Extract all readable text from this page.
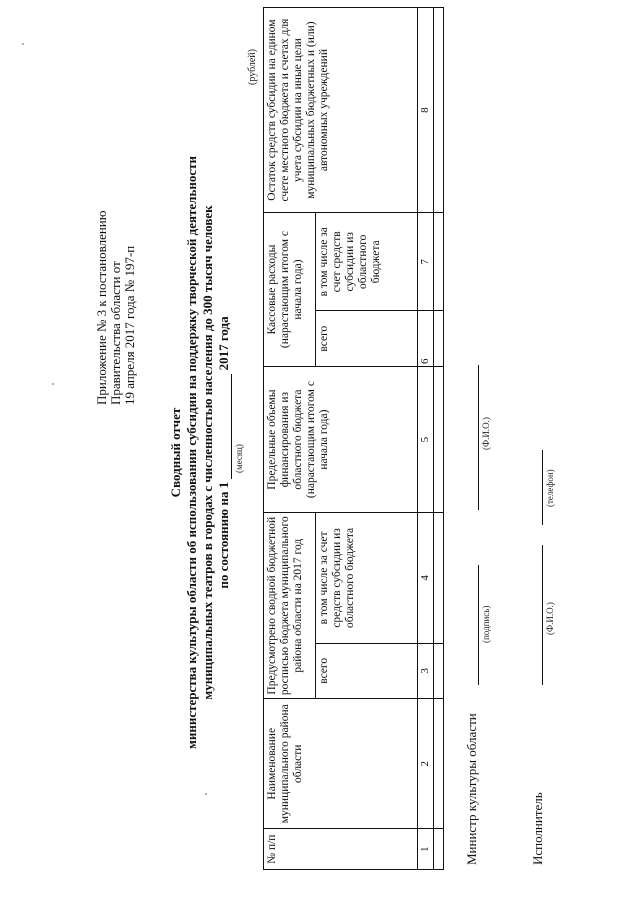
Приложение № 3 к постановлению Правительства области от 19 апреля 2017 года № 197-п
Сводный отчет министерства культуры области об использовании субсидии на поддержку творческой деятельности муниципальных театров в городах с численностью населения до 300 тысяч человек по состоянию на 1   2017 года
(месяц)
(рублей)
№ п/п	Наименование муниципального района области	Предусмотрено сводной бюджетной росписью бюджета муниципального района области на 2017 год		Предельные объемы финансирования из областного бюджета (нарастающим итогом с начала года)	Кассовые расходы (нарастающим итогом с начала года)		Остаток средств субсидии на едином счете местного бюджета и счетах для учета субсидии на иные цели муниципальных бюджетных и (или) автономных учреждений
		всего	в том числе за счет средств субсидии из областного бюджета		всего	в том числе за счет средств субсидии из областного бюджета	
1	2	3	4	5	6	7	8

Министр культуры области
(подпись)
(Ф.И.О.)
Исполнитель
(Ф.И.О.)
(телефон)
